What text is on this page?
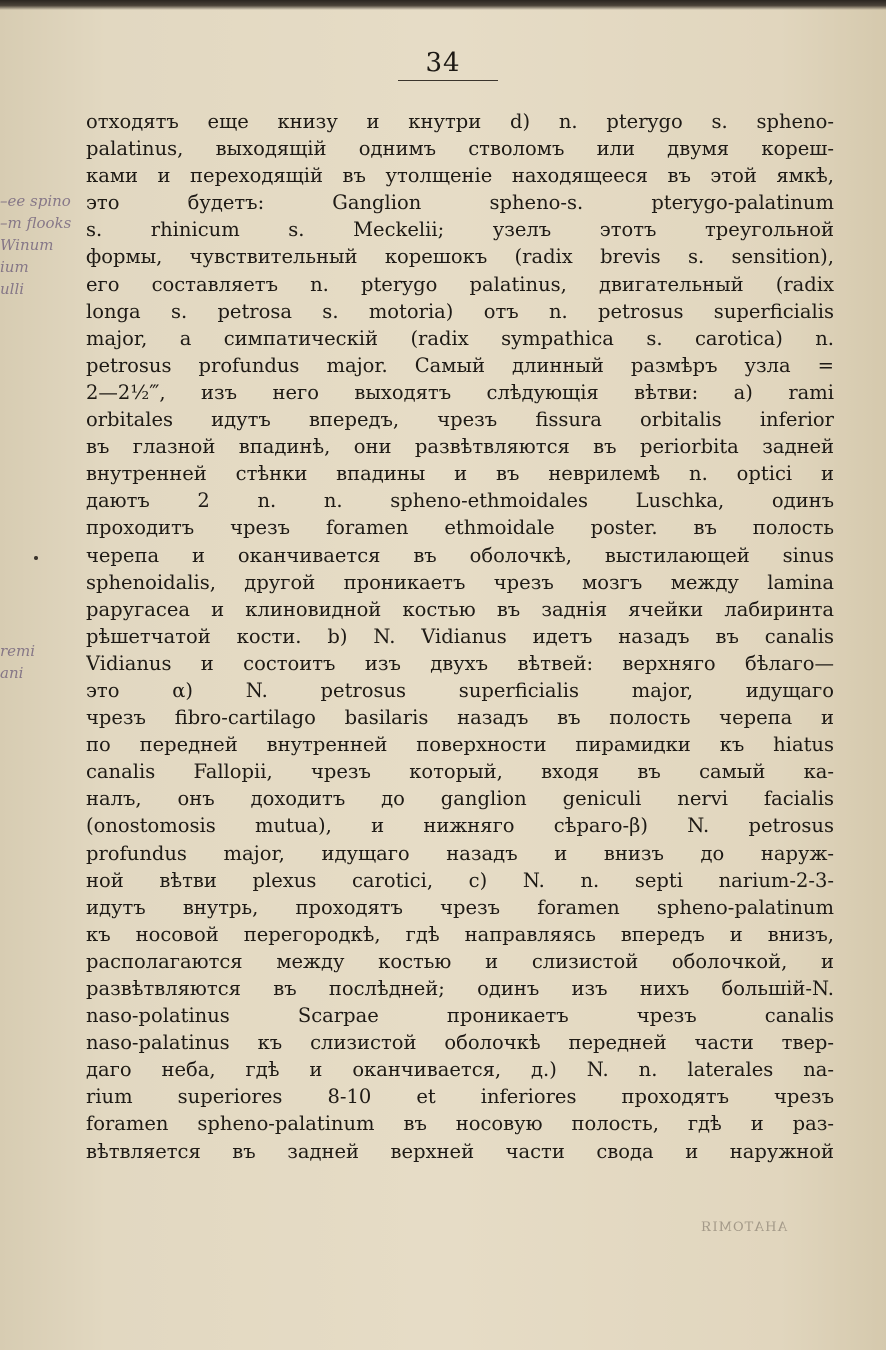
34
–ee spino
–m flooks
Winum
ium
ulli
remi
ani
отходятъ еще книзу и кнутри d) n. pterygo s. spheno-
palatinus, выходящій однимъ стволомъ или двумя кореш-
ками и переходящій въ утолщеніе находящееся въ этой ямкѣ,
это будетъ: Ganglion spheno-s. pterygo-palatinum
s. rhinicum s. Meckelii; узелъ этотъ треугольной
формы, чувствительный корешокъ (radix brevis s. sensition),
его составляетъ n. pterygo palatinus, двигательный (radix
longa s. petrosa s. motoria) отъ n. petrosus superficialis
major, а симпатическій (radix sympathica s. carotica) n.
petrosus profundus major. Самый длинный размѣръ узла =
2—2½‴, изъ него выходятъ слѣдующія вѣтви: а) rami
orbitales идутъ впередъ, чрезъ fissura orbitalis inferior
въ глазной впадинѣ, они развѣтвляются въ periorbita задней
внутренней стѣнки впадины и въ неврилемѣ n. optici и
даютъ 2 n. n. spheno-ethmoidales Luschka, одинъ
проходитъ чрезъ foramen ethmoidale poster. въ полость
черепа и оканчивается въ оболочкѣ, выстилающей sinus
sphenoidalis, другой проникаетъ чрезъ мозгъ между lamina
pаругacea и клиновидной костью въ заднія ячейки лабиринта
рѣшетчатой кости. b) N. Vidianus идетъ назадъ въ canalis
Vidianus и состоитъ изъ двухъ вѣтвей: верхняго бѣлаго—
это α) N. petrosus superficialis major, идущаго
чрезъ fibro-cartilago basilaris назадъ въ полость черепа и
по передней внутренней поверхности пирамидки къ hiatus
canalis Fallopii, чрезъ который, входя въ самый ка-
налъ, онъ доходитъ до ganglion geniculi nervi facialis
(onostomosis mutua), и нижняго сѣраго-β) N. petrosus
profundus major, идущаго назадъ и внизъ до наруж-
ной вѣтви plexus carotici, c) N. n. septi narium-2-3-
идутъ внутрь, проходятъ чрезъ foramen spheno-palatinum
къ носовой перегородкѣ, гдѣ направляясь впередъ и внизъ,
располагаются между костью и слизистой оболочкой, и
развѣтвляются въ послѣдней; одинъ изъ нихъ большій-N.
naso-polatinus Scarpae проникаетъ чрезъ canalis
naso-palatinus къ слизистой оболочкѣ передней части твер-
даго неба, гдѣ и оканчивается, д.) N. n. laterales na-
rium superiores 8-10 et inferiores проходятъ чрезъ
foramen spheno-palatinum въ носовую полость, гдѣ и раз-
вѣтвляется въ задней верхней части свода и наружной
АНАТОМІЯ
